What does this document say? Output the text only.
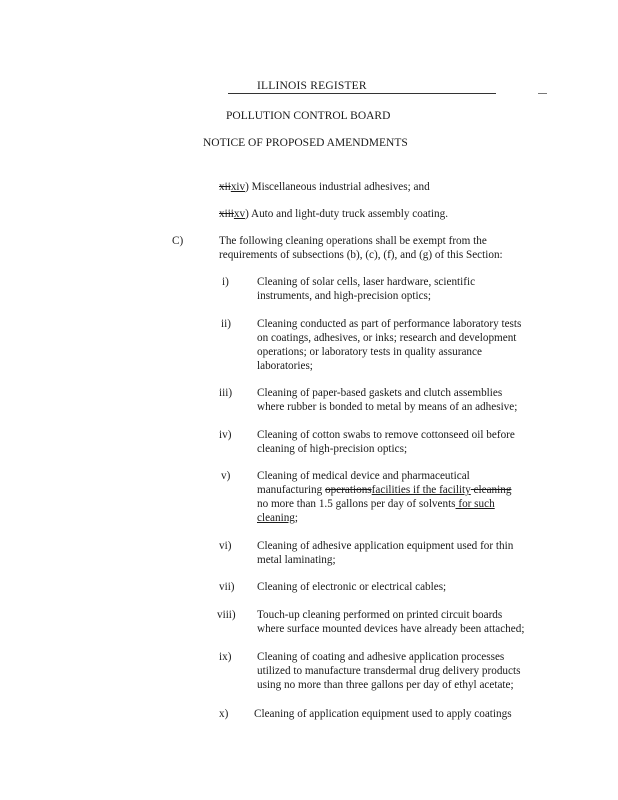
ILLINOIS REGISTER
POLLUTION CONTROL BOARD
NOTICE OF PROPOSED AMENDMENTS
xiixiv) Miscellaneous industrial adhesives; and
xiiixv) Auto and light-duty truck assembly coating.
C)	The following cleaning operations shall be exempt from the
requirements of subsections (b), (c), (f), and (g) of this Section:
i)	Cleaning of solar cells, laser hardware, scientific
instruments, and high-precision optics;
ii) Cleaning conducted as part of performance laboratory tests
on coatings, adhesives, or inks; research and development
operations; or laboratory tests in quality assurance
laboratories;
iii) Cleaning of paper-based gaskets and clutch assemblies
where rubber is bonded to metal by means of an adhesive;
iv) Cleaning of cotton swabs to remove cottonseed oil before
cleaning of high-precision optics;
v) Cleaning of medical device and pharmaceutical
manufacturing operationsfacilities if the facility cleaning
no more than 1.5 gallons per day of solvents for such
cleaning;
vi) Cleaning of adhesive application equipment used for thin
metal laminating;
vii) Cleaning of electronic or electrical cables;
viii) Touch-up cleaning performed on printed circuit boards
where surface mounted devices have already been attached;
ix) Cleaning of coating and adhesive application processes
utilized to manufacture transdermal drug delivery products
using no more than three gallons per day of ethyl acetate;
x) Cleaning of application equipment used to apply coatings
